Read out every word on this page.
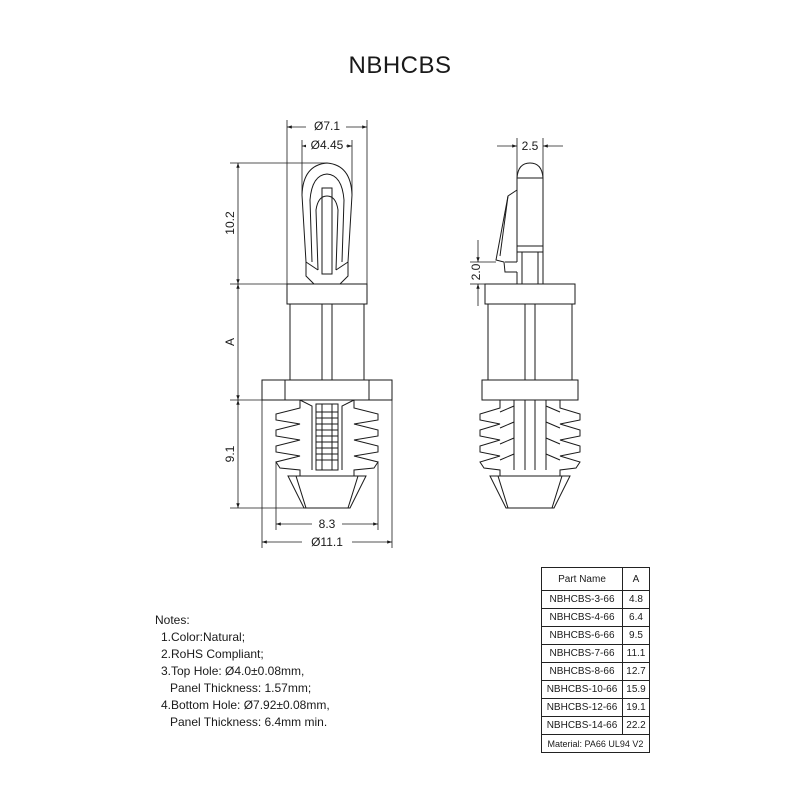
NBHCBS
Ø7.1
Ø4.45
10.2
A
9.1
8.3
Ø11.1
2.5
2.0
Notes:
1.Color:Natural;
2.RoHS Compliant;
3.Top Hole: Ø4.0±0.08mm,
Panel Thickness: 1.57mm;
4.Bottom Hole: Ø7.92±0.08mm,
Panel Thickness: 6.4mm min.
Part Name	A
NBHCBS-3-66	4.8
NBHCBS-4-66	6.4
NBHCBS-6-66	9.5
NBHCBS-7-66	11.1
NBHCBS-8-66	12.7
NBHCBS-10-66	15.9
NBHCBS-12-66	19.1
NBHCBS-14-66	22.2
Material: PA66 UL94 V2	
